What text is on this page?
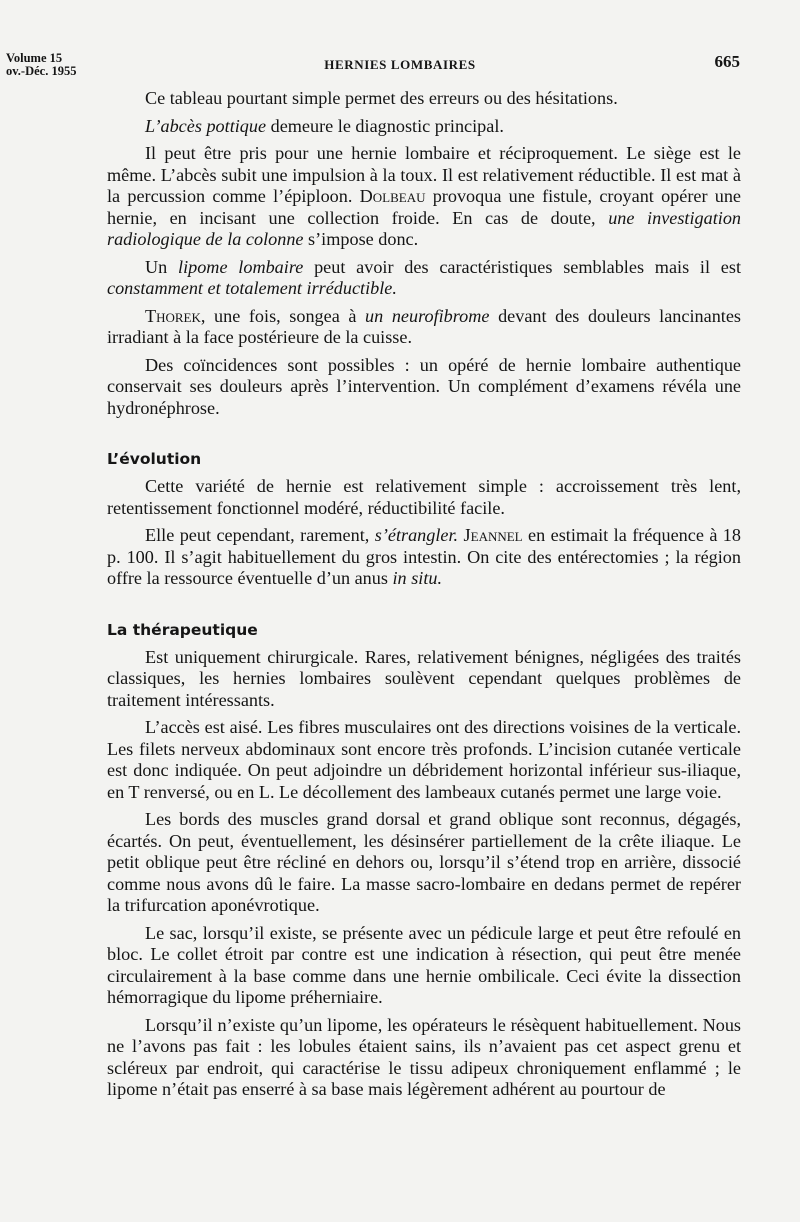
Volume 15
ov.-Déc. 1955	HERNIES LOMBAIRES	665

Ce tableau pourtant simple permet des erreurs ou des hésitations.

L’abcès pottique demeure le diagnostic principal.

Il peut être pris pour une hernie lombaire et réciproquement. Le siège est le même. L’abcès subit une impulsion à la toux. Il est relativement réductible. Il est mat à la percussion comme l’épiploon. Dolbeau provoqua une fistule, croyant opérer une hernie, en incisant une collection froide. En cas de doute, une investigation radiologique de la colonne s’impose donc.

Un lipome lombaire peut avoir des caractéristiques semblables mais il est constamment et totalement irréductible.

Thorek, une fois, songea à un neurofibrome devant des douleurs lancinantes irradiant à la face postérieure de la cuisse.

Des coïncidences sont possibles : un opéré de hernie lombaire authentique conservait ses douleurs après l’intervention. Un complément d’examens révéla une hydronéphrose.

L’évolution

Cette variété de hernie est relativement simple : accroissement très lent, retentissement fonctionnel modéré, réductibilité facile.

Elle peut cependant, rarement, s’étrangler. Jeannel en estimait la fréquence à 18 p. 100. Il s’agit habituellement du gros intestin. On cite des entérectomies ; la région offre la ressource éventuelle d’un anus in situ.

La thérapeutique

Est uniquement chirurgicale. Rares, relativement bénignes, négligées des traités classiques, les hernies lombaires soulèvent cependant quelques problèmes de traitement intéressants.

L’accès est aisé. Les fibres musculaires ont des directions voisines de la verticale. Les filets nerveux abdominaux sont encore très profonds. L’incision cutanée verticale est donc indiquée. On peut adjoindre un débridement horizontal inférieur sus-iliaque, en T renversé, ou en L. Le décollement des lambeaux cutanés permet une large voie.

Les bords des muscles grand dorsal et grand oblique sont reconnus, dégagés, écartés. On peut, éventuellement, les désinsérer partiellement de la crête iliaque. Le petit oblique peut être récliné en dehors ou, lorsqu’il s’étend trop en arrière, dissocié comme nous avons dû le faire. La masse sacro-lombaire en dedans permet de repérer la trifurcation aponévrotique.

Le sac, lorsqu’il existe, se présente avec un pédicule large et peut être refoulé en bloc. Le collet étroit par contre est une indication à résection, qui peut être menée circulairement à la base comme dans une hernie ombilicale. Ceci évite la dissection hémorragique du lipome préherniaire.

Lorsqu’il n’existe qu’un lipome, les opérateurs le résèquent habituellement. Nous ne l’avons pas fait : les lobules étaient sains, ils n’avaient pas cet aspect grenu et scléreux par endroit, qui caractérise le tissu adipeux chroniquement enflammé ; le lipome n’était pas enserré à sa base mais légèrement adhérent au pourtour de
